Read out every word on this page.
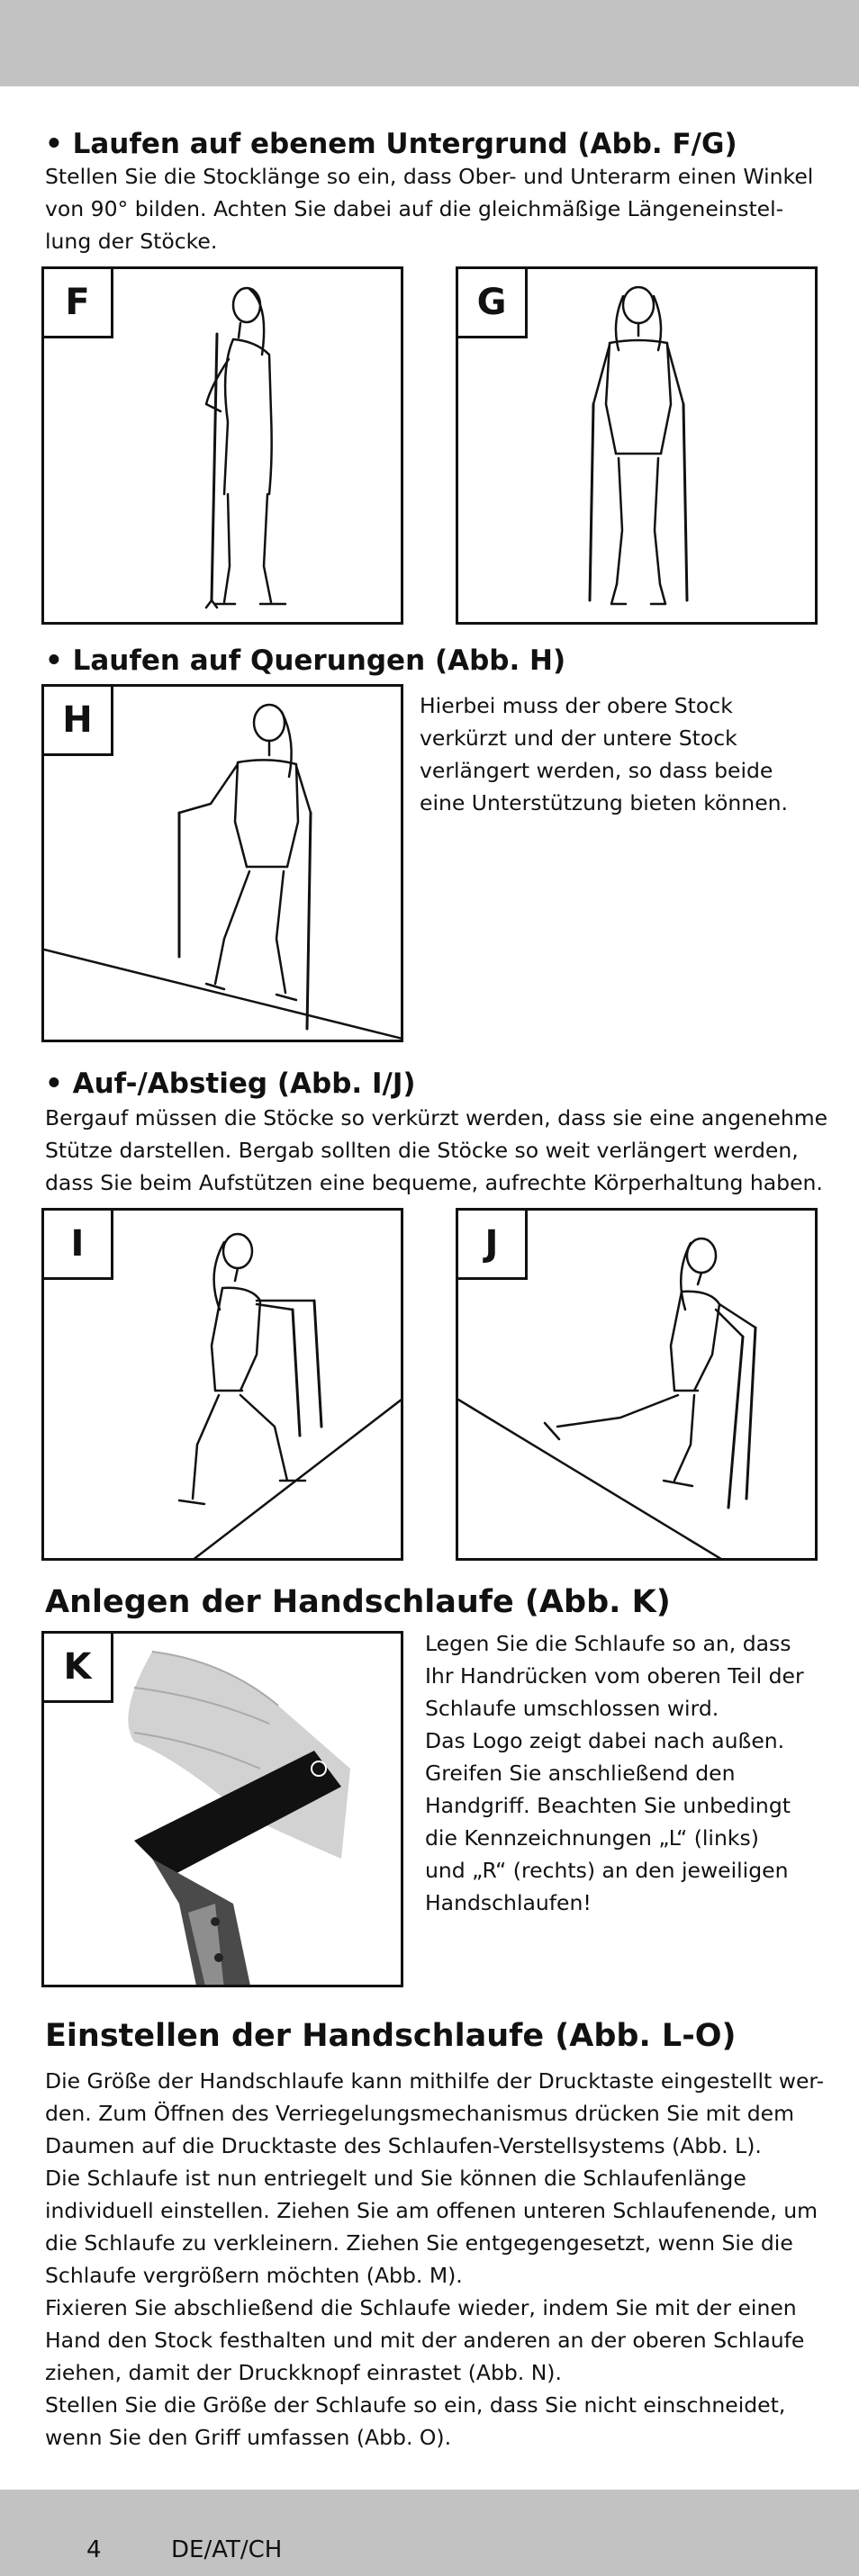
• Laufen auf ebenem Untergrund (Abb. F/G)
Stellen Sie die Stocklänge so ein, dass Ober- und Unterarm einen Winkel
von 90° bilden. Achten Sie dabei auf die gleichmäßige Längeneinstel-
lung der Stöcke.
F	G
• Laufen auf Querungen (Abb. H)
H	Hierbei muss der obere Stock
verkürzt und der untere Stock
verlängert werden, so dass beide
eine Unterstützung bieten können.
• Auf-/Abstieg (Abb. I/J)
Bergauf müssen die Stöcke so verkürzt werden, dass sie eine angenehme
Stütze darstellen. Bergab sollten die Stöcke so weit verlängert werden,
dass Sie beim Aufstützen eine bequeme, aufrechte Körperhaltung haben.
I	J
Anlegen der Handschlaufe (Abb. K)
K
Legen Sie die Schlaufe so an, dass
Ihr Handrücken vom oberen Teil der
Schlaufe umschlossen wird.
Das Logo zeigt dabei nach außen.
Greifen Sie anschließend den
Handgriff. Beachten Sie unbedingt
die Kennzeichnungen „L“ (links)
und „R“ (rechts) an den jeweiligen
Handschlaufen!
Einstellen der Handschlaufe (Abb. L-O)
Die Größe der Handschlaufe kann mithilfe der Drucktaste eingestellt wer-
den. Zum Öffnen des Verriegelungsmechanismus drücken Sie mit dem
Daumen auf die Drucktaste des Schlaufen-Verstellsystems (Abb. L).
Die Schlaufe ist nun entriegelt und Sie können die Schlaufenlänge
individuell einstellen. Ziehen Sie am offenen unteren Schlaufenende, um
die Schlaufe zu verkleinern. Ziehen Sie entgegengesetzt, wenn Sie die
Schlaufe vergrößern möchten (Abb. M).
Fixieren Sie abschließend die Schlaufe wieder, indem Sie mit der einen
Hand den Stock festhalten und mit der anderen an der oberen Schlaufe
ziehen, damit der Druckknopf einrastet (Abb. N).
Stellen Sie die Größe der Schlaufe so ein, dass Sie nicht einschneidet,
wenn Sie den Griff umfassen (Abb. O).
4	DE/AT/CH
